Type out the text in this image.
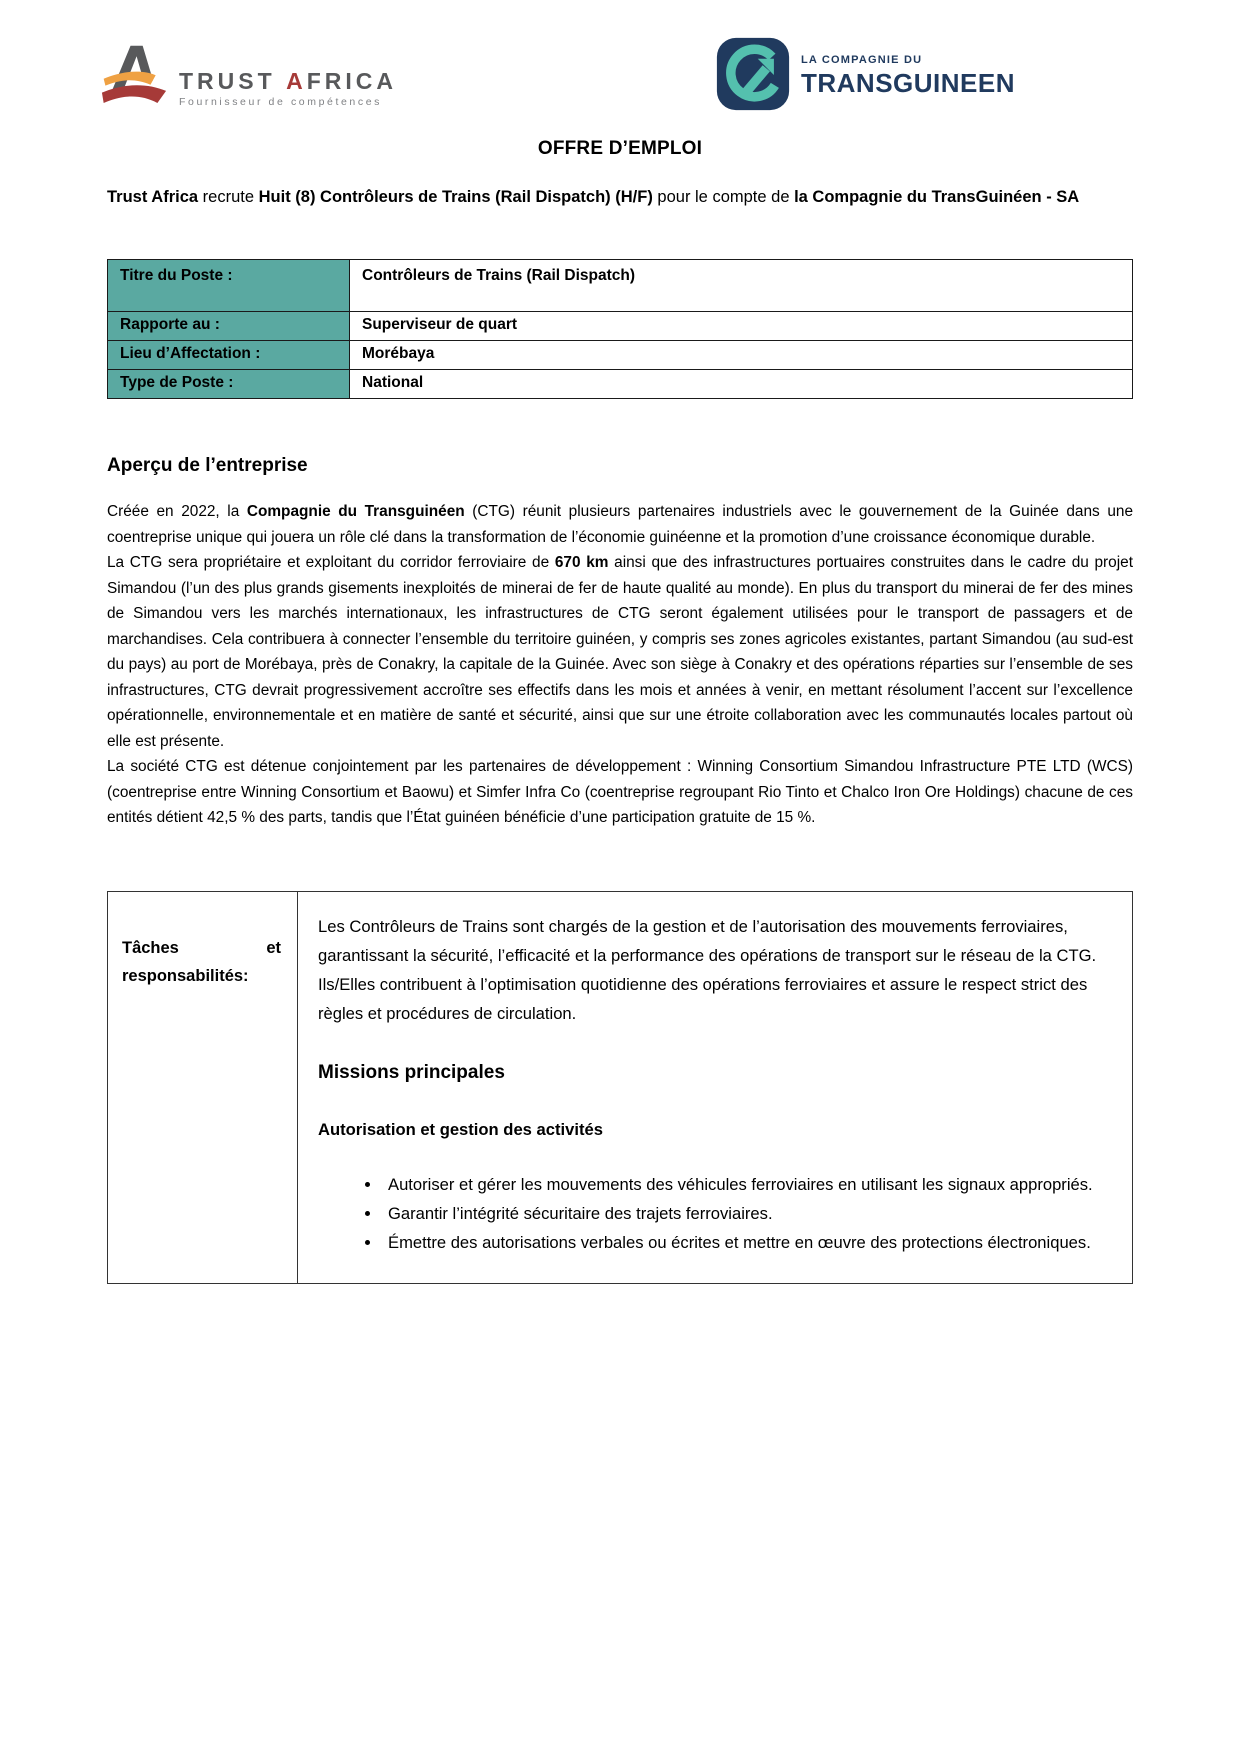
TRUST AFRICA
Fournisseur de compétences
LA COMPAGNIE DU
TRANSGUINEEN
OFFRE D’EMPLOI
Trust Africa recrute Huit (8) Contrôleurs de Trains (Rail Dispatch) (H/F) pour le compte de la Compagnie du TransGuinéen - SA
Titre du Poste :	Contrôleurs de Trains (Rail Dispatch)
Rapporte au :	Superviseur de quart
Lieu d’Affectation :	Morébaya
Type de Poste :	National
Aperçu de l’entreprise

Créée en 2022, la Compagnie du Transguinéen (CTG) réunit plusieurs partenaires industriels avec le gouvernement de la Guinée dans une coentreprise unique qui jouera un rôle clé dans la transformation de l’économie guinéenne et la promotion d’une croissance économique durable.

La CTG sera propriétaire et exploitant du corridor ferroviaire de 670 km ainsi que des infrastructures portuaires construites dans le cadre du projet Simandou (l’un des plus grands gisements inexploités de minerai de fer de haute qualité au monde). En plus du transport du minerai de fer des mines de Simandou vers les marchés internationaux, les infrastructures de CTG seront également utilisées pour le transport de passagers et de marchandises. Cela contribuera à connecter l’ensemble du territoire guinéen, y compris ses zones agricoles existantes, partant Simandou (au sud-est du pays) au port de Morébaya, près de Conakry, la capitale de la Guinée. Avec son siège à Conakry et des opérations réparties sur l’ensemble de ses infrastructures, CTG devrait progressivement accroître ses effectifs dans les mois et années à venir, en mettant résolument l’accent sur l’excellence opérationnelle, environnementale et en matière de santé et sécurité, ainsi que sur une étroite collaboration avec les communautés locales partout où elle est présente.

La société CTG est détenue conjointement par les partenaires de développement : Winning Consortium Simandou Infrastructure PTE LTD (WCS) (coentreprise entre Winning Consortium et Baowu) et Simfer Infra Co (coentreprise regroupant Rio Tinto et Chalco Iron Ore Holdings) chacune de ces entités détient 42,5 % des parts, tandis que l’État guinéen bénéficie d’une participation gratuite de 15 %.

Tâches	et
responsabilités:

Les Contrôleurs de Trains sont chargés de la gestion et de l’autorisation des mouvements ferroviaires, garantissant la sécurité, l’efficacité et la performance des opérations de transport sur le réseau de la CTG. Ils/Elles contribuent à l’optimisation quotidienne des opérations ferroviaires et assure le respect strict des règles et procédures de circulation.
Missions principales
Autorisation et gestion des activités
• Autoriser et gérer les mouvements des véhicules ferroviaires en utilisant les signaux appropriés.
• Garantir l’intégrité sécuritaire des trajets ferroviaires.
• Émettre des autorisations verbales ou écrites et mettre en œuvre des protections électroniques.
